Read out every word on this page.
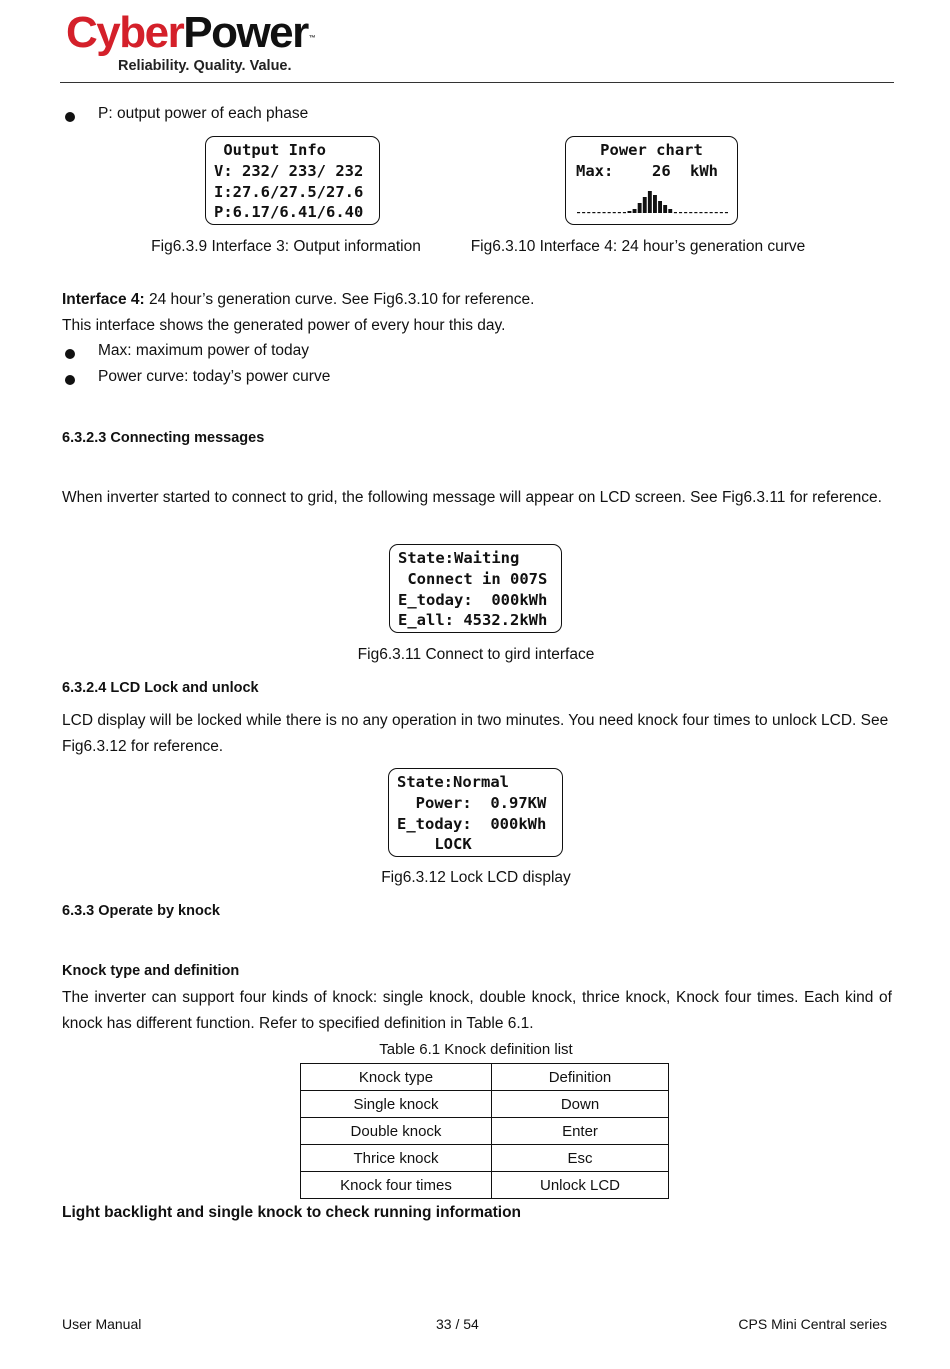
CyberPower™
Reliability. Quality. Value.
P: output power of each phase
Output Info
V: 232/ 233/ 232
I:27.6/27.5/27.6
P:6.17/6.41/6.40
Fig6.3.9 Interface 3: Output information
Power chart
Max: 26 kWh
Fig6.3.10 Interface 4: 24 hour’s generation curve
Interface 4: 24 hour’s generation curve. See Fig6.3.10 for reference.
This interface shows the generated power of every hour this day.
Max: maximum power of today
Power curve: today’s power curve
6.3.2.3 Connecting messages
When inverter started to connect to grid, the following message will appear on LCD screen. See Fig6.3.11 for reference.
State:Waiting
Connect in 007S
E_today:  000kWh
E_all: 4532.2kWh
Fig6.3.11 Connect to gird interface
6.3.2.4 LCD Lock and unlock
LCD display will be locked while there is no any operation in two minutes. You need knock four times to unlock LCD. See Fig6.3.12 for reference.
State:Normal
Power:  0.97KW
E_today:  000kWh
LOCK
Fig6.3.12 Lock LCD display
6.3.3 Operate by knock
Knock type and definition
The inverter can support four kinds of knock: single knock, double knock, thrice knock, Knock four times. Each kind of knock has different function. Refer to specified definition in Table 6.1.
Table 6.1 Knock definition list
Knock type	Definition
Single knock	Down
Double knock	Enter
Thrice knock	Esc
Knock four times	Unlock LCD
Light backlight and single knock to check running information
User Manual	33 / 54	CPS Mini Central series
